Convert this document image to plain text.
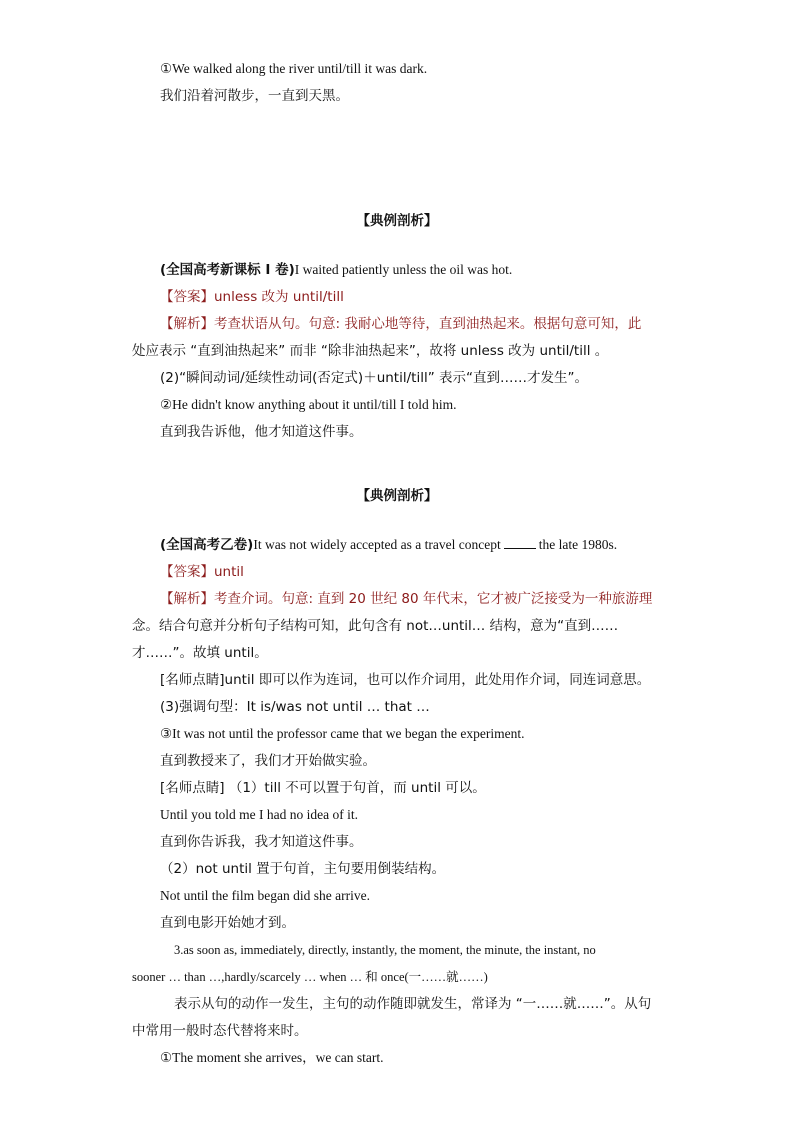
①We walked along the river until/till it was dark.
我们沿着河散步，一直到天黑。
【典例剖析】
(全国高考新课标 I 卷)I waited patiently unless the oil was hot.
【答案】unless 改为 until/till
【解析】考查状语从句。句意: 我耐心地等待，直到油热起来。根据句意可知，此
处应表示 “直到油热起来” 而非 “除非油热起来”，故将 unless 改为 until/till 。
(2)“瞬间动词/延续性动词(否定式)＋until/till” 表示“直到……才发生”。
②He didn't know anything about it until/till I told him.
直到我告诉他，他才知道这件事。
【典例剖析】
(全国高考乙卷)It was not widely accepted as a travel concept	the late 1980s.
【答案】until
【解析】考查介词。句意: 直到 20 世纪 80 年代末，它才被广泛接受为一种旅游理
念。结合句意并分析句子结构可知，此句含有 not…until… 结构，意为“直到……
才……”。故填 until。
[名师点睛]until 即可以作为连词，也可以作介词用，此处用作介词，同连词意思。
(3)强调句型：It is/was not until … that …
③It was not until the professor came that we began the experiment.
直到教授来了，我们才开始做实验。
[名师点睛] （1）till 不可以置于句首，而 until 可以。
Until you told me I had no idea of it.
直到你告诉我，我才知道这件事。
（2）not until 置于句首，主句要用倒装结构。
Not until the film began did she arrive.
直到电影开始她才到。
3.as soon as, immediately, directly, instantly, the moment, the minute, the instant, no
sooner … than …,hardly/scarcely … when … 和 once(一……就……)
表示从句的动作一发生，主句的动作随即就发生，常译为 “一……就……”。从句
中常用一般时态代替将来时。
①The moment she arrives，we can start.
